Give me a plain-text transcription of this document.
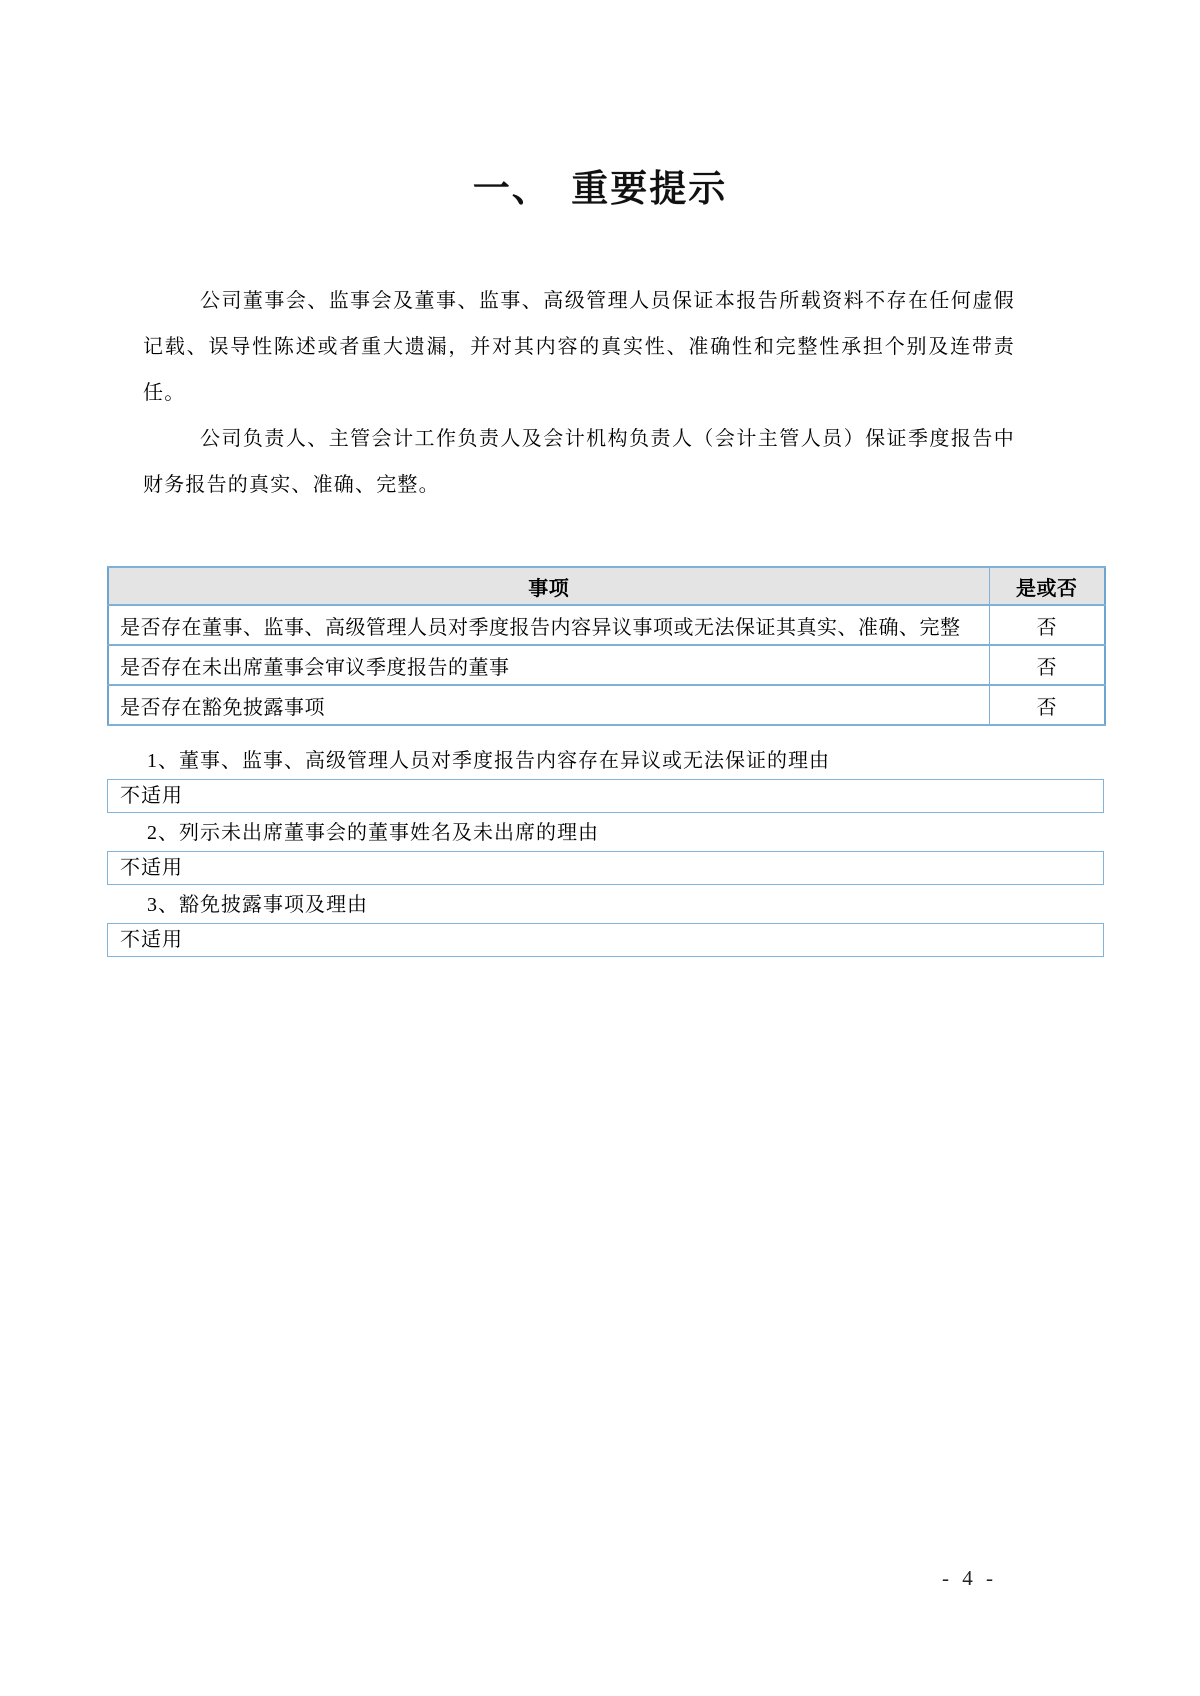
一、　重要提示

公司董事会、监事会及董事、监事、高级管理人员保证本报告所载资料不存在任何虚假记载、误导性陈述或者重大遗漏，并对其内容的真实性、准确性和完整性承担个别及连带责任。

公司负责人、主管会计工作负责人及会计机构负责人（会计主管人员）保证季度报告中财务报告的真实、准确、完整。

事项	是或否
是否存在董事、监事、高级管理人员对季度报告内容异议事项或无法保证其真实、准确、完整	否
是否存在未出席董事会审议季度报告的董事	否
是否存在豁免披露事项	否
1、董事、监事、高级管理人员对季度报告内容存在异议或无法保证的理由
不适用
2、列示未出席董事会的董事姓名及未出席的理由
不适用
3、豁免披露事项及理由
不适用
- 4 -
